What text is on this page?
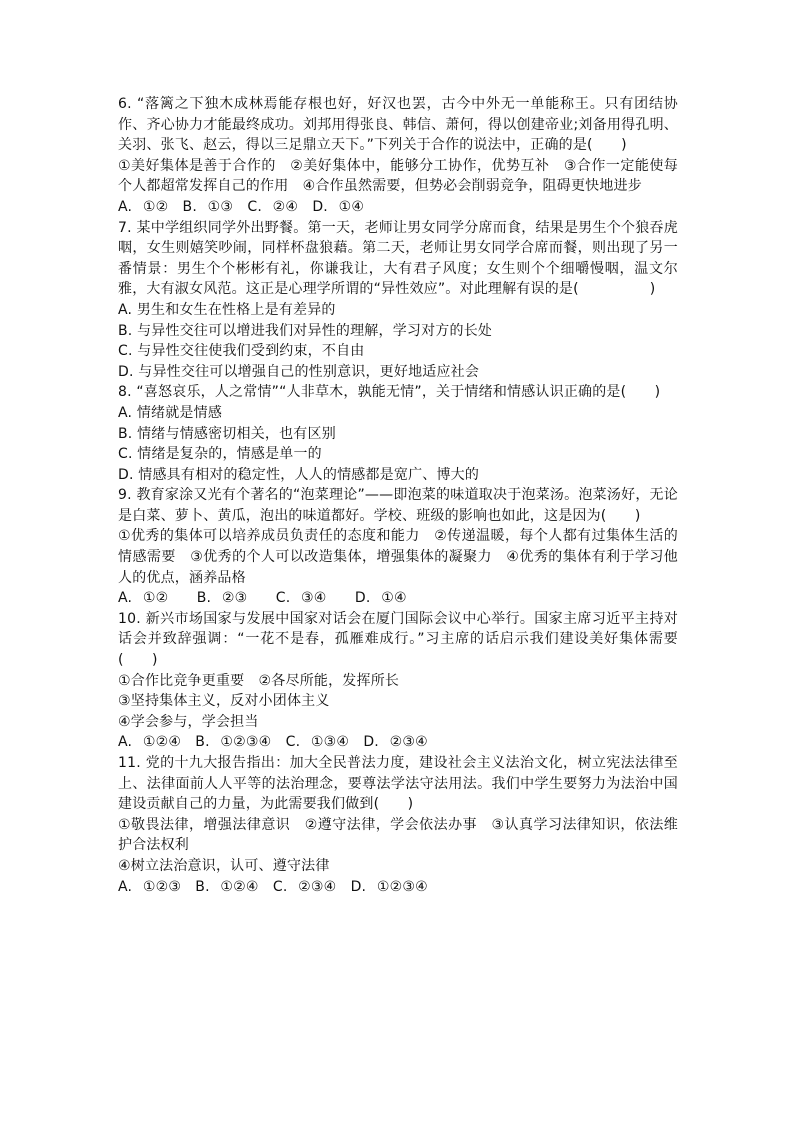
6. “落篱之下独木成林焉能存根也好，好汉也罢，古今中外无一单能称王。只有团结协作、齐心协力才能最终成功。刘邦用得张良、韩信、萧何，得以创建帝业;刘备用得孔明、关羽、张飞、赵云，得以三足鼎立天下。”下列关于合作的说法中，正确的是(　　)
①美好集体是善于合作的　②美好集体中，能够分工协作，优势互补　③合作一定能使每个人都超常发挥自己的作用　④合作虽然需要，但势必会削弱竞争，阻碍更快地进步
A. ①②　B. ①③　C. ②④　D. ①④
7. 某中学组织同学外出野餐。第一天，老师让男女同学分席而食，结果是男生个个狼吞虎咽，女生则嬉笑吵闹，同样杯盘狼藉。第二天，老师让男女同学合席而餐，则出现了另一番情景：男生个个彬彬有礼，你谦我让，大有君子风度；女生则个个细嚼慢咽，温文尔雅，大有淑女风范。这正是心理学所谓的“异性效应”。对此理解有误的是(　　　　　)
A. 男生和女生在性格上是有差异的
B. 与异性交往可以增进我们对异性的理解，学习对方的长处
C. 与异性交往使我们受到约束，不自由
D. 与异性交往可以增强自己的性别意识，更好地适应社会
8. “喜怒哀乐，人之常情”“人非草木，孰能无情”，关于情绪和情感认识正确的是(　　)
A. 情绪就是情感
B. 情绪与情感密切相关，也有区别
C. 情绪是复杂的，情感是单一的
D. 情感具有相对的稳定性，人人的情感都是宽广、博大的
9. 教育家涂又光有个著名的“泡菜理论”——即泡菜的味道取决于泡菜汤。泡菜汤好，无论是白菜、萝卜、黄瓜，泡出的味道都好。学校、班级的影响也如此，这是因为(　　)
①优秀的集体可以培养成员负责任的态度和能力　②传递温暖，每个人都有过集体生活的情感需要　③优秀的个人可以改造集体，增强集体的凝聚力　④优秀的集体有利于学习他人的优点，涵养品格
A. ①②　　B. ②③　　C. ③④　　D. ①④
10. 新兴市场国家与发展中国家对话会在厦门国际会议中心举行。国家主席习近平主持对话会并致辞强调：“一花不是春，孤雁难成行。”习主席的话启示我们建设美好集体需要(　　)
①合作比竞争更重要　②各尽所能，发挥所长
③坚持集体主义，反对小团体主义
④学会参与，学会担当
A. ①②④　B. ①②③④　C. ①③④　D. ②③④
11. 党的十九大报告指出：加大全民普法力度，建设社会主义法治文化，树立宪法法律至上、法律面前人人平等的法治理念，要尊法学法守法用法。我们中学生要努力为法治中国建设贡献自己的力量，为此需要我们做到(　　)
①敬畏法律，增强法律意识　②遵守法律，学会依法办事　③认真学习法律知识，依法维护合法权利
④树立法治意识，认可、遵守法律
A. ①②③　B. ①②④　C. ②③④　D. ①②③④
